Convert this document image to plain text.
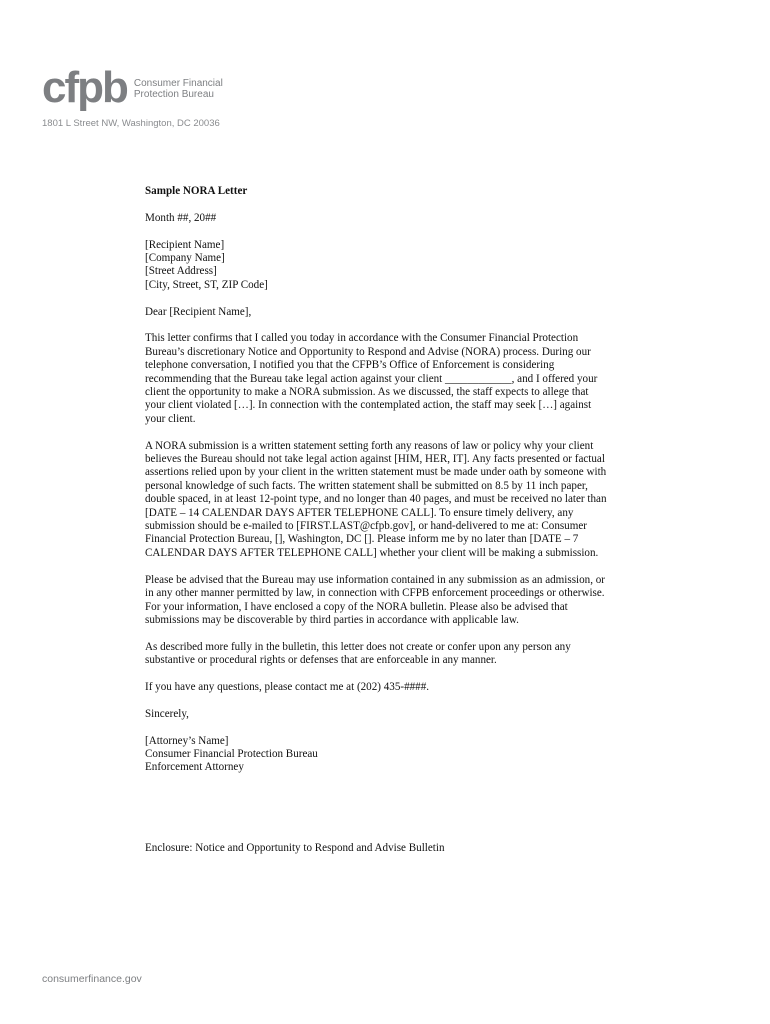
cfpb Consumer Financial
Protection Bureau
1801 L Street NW, Washington, DC 20036

Sample NORA Letter

Month ##, 20##

[Recipient Name]

[Company Name]

[Street Address]

[City, Street, ST, ZIP Code]

Dear [Recipient Name],

This letter confirms that I called you today in accordance with the Consumer Financial Protection

Bureau’s discretionary Notice and Opportunity to Respond and Advise (NORA) process. During our

telephone conversation, I notified you that the CFPB’s Office of Enforcement is considering

recommending that the Bureau take legal action against your client ____________, and I offered your

client the opportunity to make a NORA submission. As we discussed, the staff expects to allege that

your client violated […]. In connection with the contemplated action, the staff may seek […] against

your client.

A NORA submission is a written statement setting forth any reasons of law or policy why your client

believes the Bureau should not take legal action against [HIM, HER, IT]. Any facts presented or factual

assertions relied upon by your client in the written statement must be made under oath by someone with

personal knowledge of such facts. The written statement shall be submitted on 8.5 by 11 inch paper,

double spaced, in at least 12-point type, and no longer than 40 pages, and must be received no later than

[DATE – 14 CALENDAR DAYS AFTER TELEPHONE CALL]. To ensure timely delivery, any

submission should be e-mailed to [FIRST.LAST@cfpb.gov], or hand-delivered to me at: Consumer

Financial Protection Bureau, [], Washington, DC []. Please inform me by no later than [DATE – 7

CALENDAR DAYS AFTER TELEPHONE CALL] whether your client will be making a submission.

Please be advised that the Bureau may use information contained in any submission as an admission, or

in any other manner permitted by law, in connection with CFPB enforcement proceedings or otherwise.

For your information, I have enclosed a copy of the NORA bulletin. Please also be advised that

submissions may be discoverable by third parties in accordance with applicable law.

As described more fully in the bulletin, this letter does not create or confer upon any person any

substantive or procedural rights or defenses that are enforceable in any manner.

If you have any questions, please contact me at (202) 435-####.

Sincerely,

[Attorney’s Name]

Consumer Financial Protection Bureau

Enforcement Attorney

Enclosure: Notice and Opportunity to Respond and Advise Bulletin

consumerfinance.gov
